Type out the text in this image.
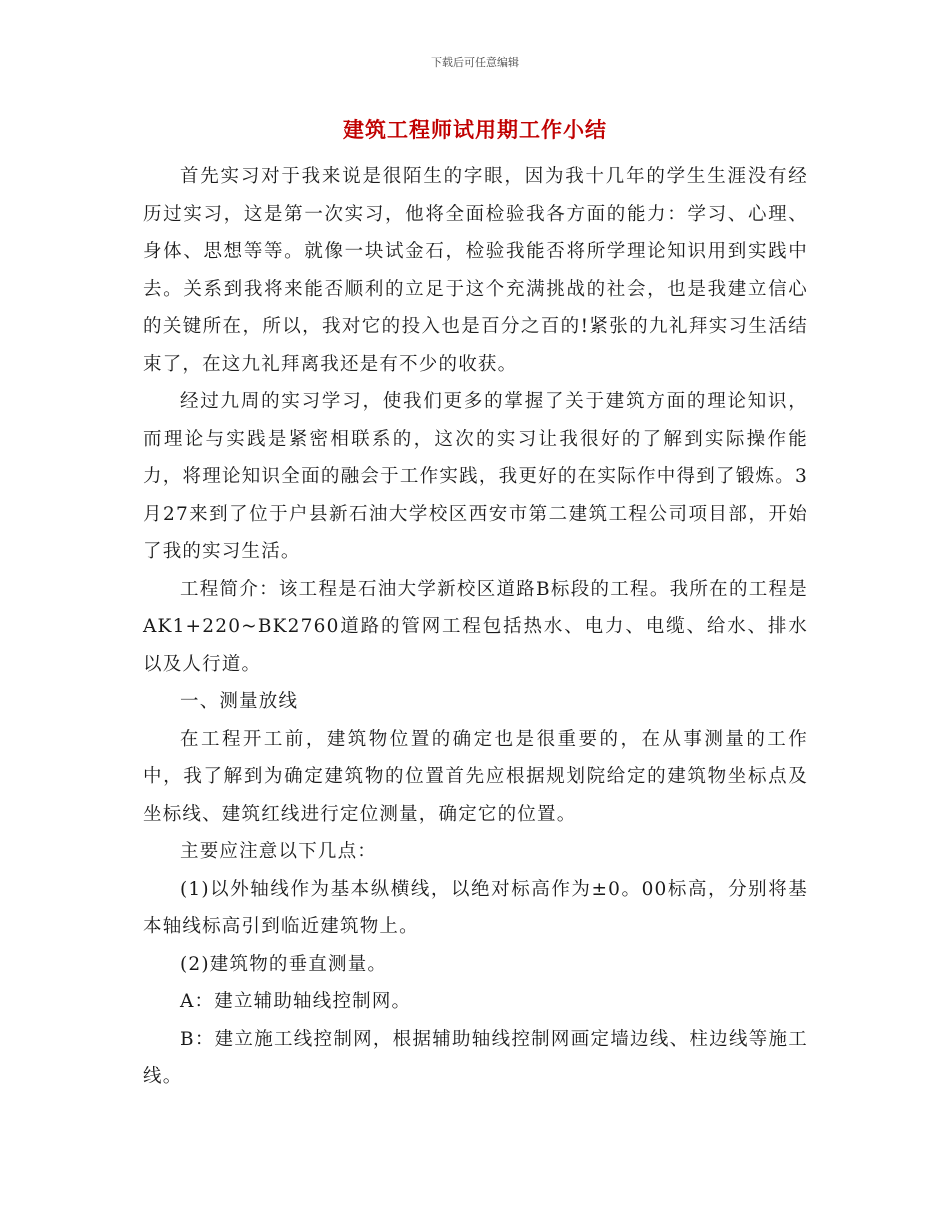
下载后可任意编辑
建筑工程师试用期工作小结

首先实习对于我来说是很陌生的字眼，因为我十几年的学生生涯没有经历过实习，这是第一次实习，他将全面检验我各方面的能力：学习、心理、身体、思想等等。就像一块试金石，检验我能否将所学理论知识用到实践中去。关系到我将来能否顺利的立足于这个充满挑战的社会，也是我建立信心的关键所在，所以，我对它的投入也是百分之百的!紧张的九礼拜实习生活结束了，在这九礼拜离我还是有不少的收获。

经过九周的实习学习，使我们更多的掌握了关于建筑方面的理论知识，而理论与实践是紧密相联系的，这次的实习让我很好的了解到实际操作能力，将理论知识全面的融会于工作实践，我更好的在实际作中得到了锻炼。3月27来到了位于户县新石油大学校区西安市第二建筑工程公司项目部，开始了我的实习生活。

工程简介：该工程是石油大学新校区道路B标段的工程。我所在的工程是AK1+220~BK2760道路的管网工程包括热水、电力、电缆、给水、排水以及人行道。

一、测量放线

在工程开工前，建筑物位置的确定也是很重要的，在从事测量的工作中，我了解到为确定建筑物的位置首先应根据规划院给定的建筑物坐标点及坐标线、建筑红线进行定位测量，确定它的位置。

主要应注意以下几点：

(1)以外轴线作为基本纵横线，以绝对标高作为±0。00标高，分别将基本轴线标高引到临近建筑物上。

(2)建筑物的垂直测量。

A：建立辅助轴线控制网。

B：建立施工线控制网，根据辅助轴线控制网画定墙边线、柱边线等施工线。
